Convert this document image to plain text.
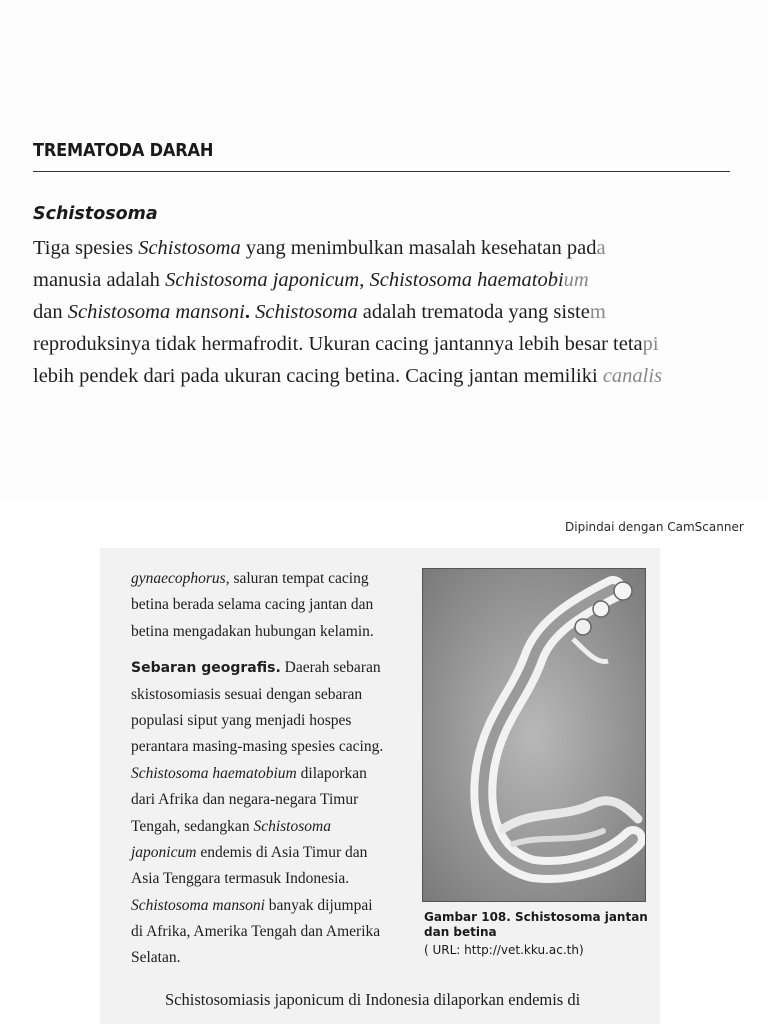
TREMATODA DARAH
Schistosoma
Tiga spesies Schistosoma yang menimbulkan masalah kesehatan pada
manusia adalah Schistosoma japonicum, Schistosoma haematobium
dan Schistosoma mansoni. Schistosoma adalah trematoda yang sistem
reproduksinya tidak hermafrodit. Ukuran cacing jantannya lebih besar tetapi
lebih pendek dari pada ukuran cacing betina. Cacing jantan memiliki canalis
Dipindai dengan CamScanner
gynaecophorus, saluran tempat cacing
betina berada selama cacing jantan dan
betina mengadakan hubungan kelamin.
Sebaran geografis. Daerah sebaran
skistosomiasis sesuai dengan sebaran
populasi siput yang menjadi hospes
perantara masing-masing spesies cacing.
Schistosoma haematobium dilaporkan
dari Afrika dan negara-negara Timur
Tengah, sedangkan Schistosoma
japonicum endemis di Asia Timur dan
Asia Tenggara termasuk Indonesia.
Schistosoma mansoni banyak dijumpai
di Afrika, Amerika Tengah dan Amerika
Selatan.
Gambar 108. Schistosoma jantan dan betina
( URL: http://vet.kku.ac.th)
Schistosomiasis japonicum di Indonesia dilaporkan endemis di
